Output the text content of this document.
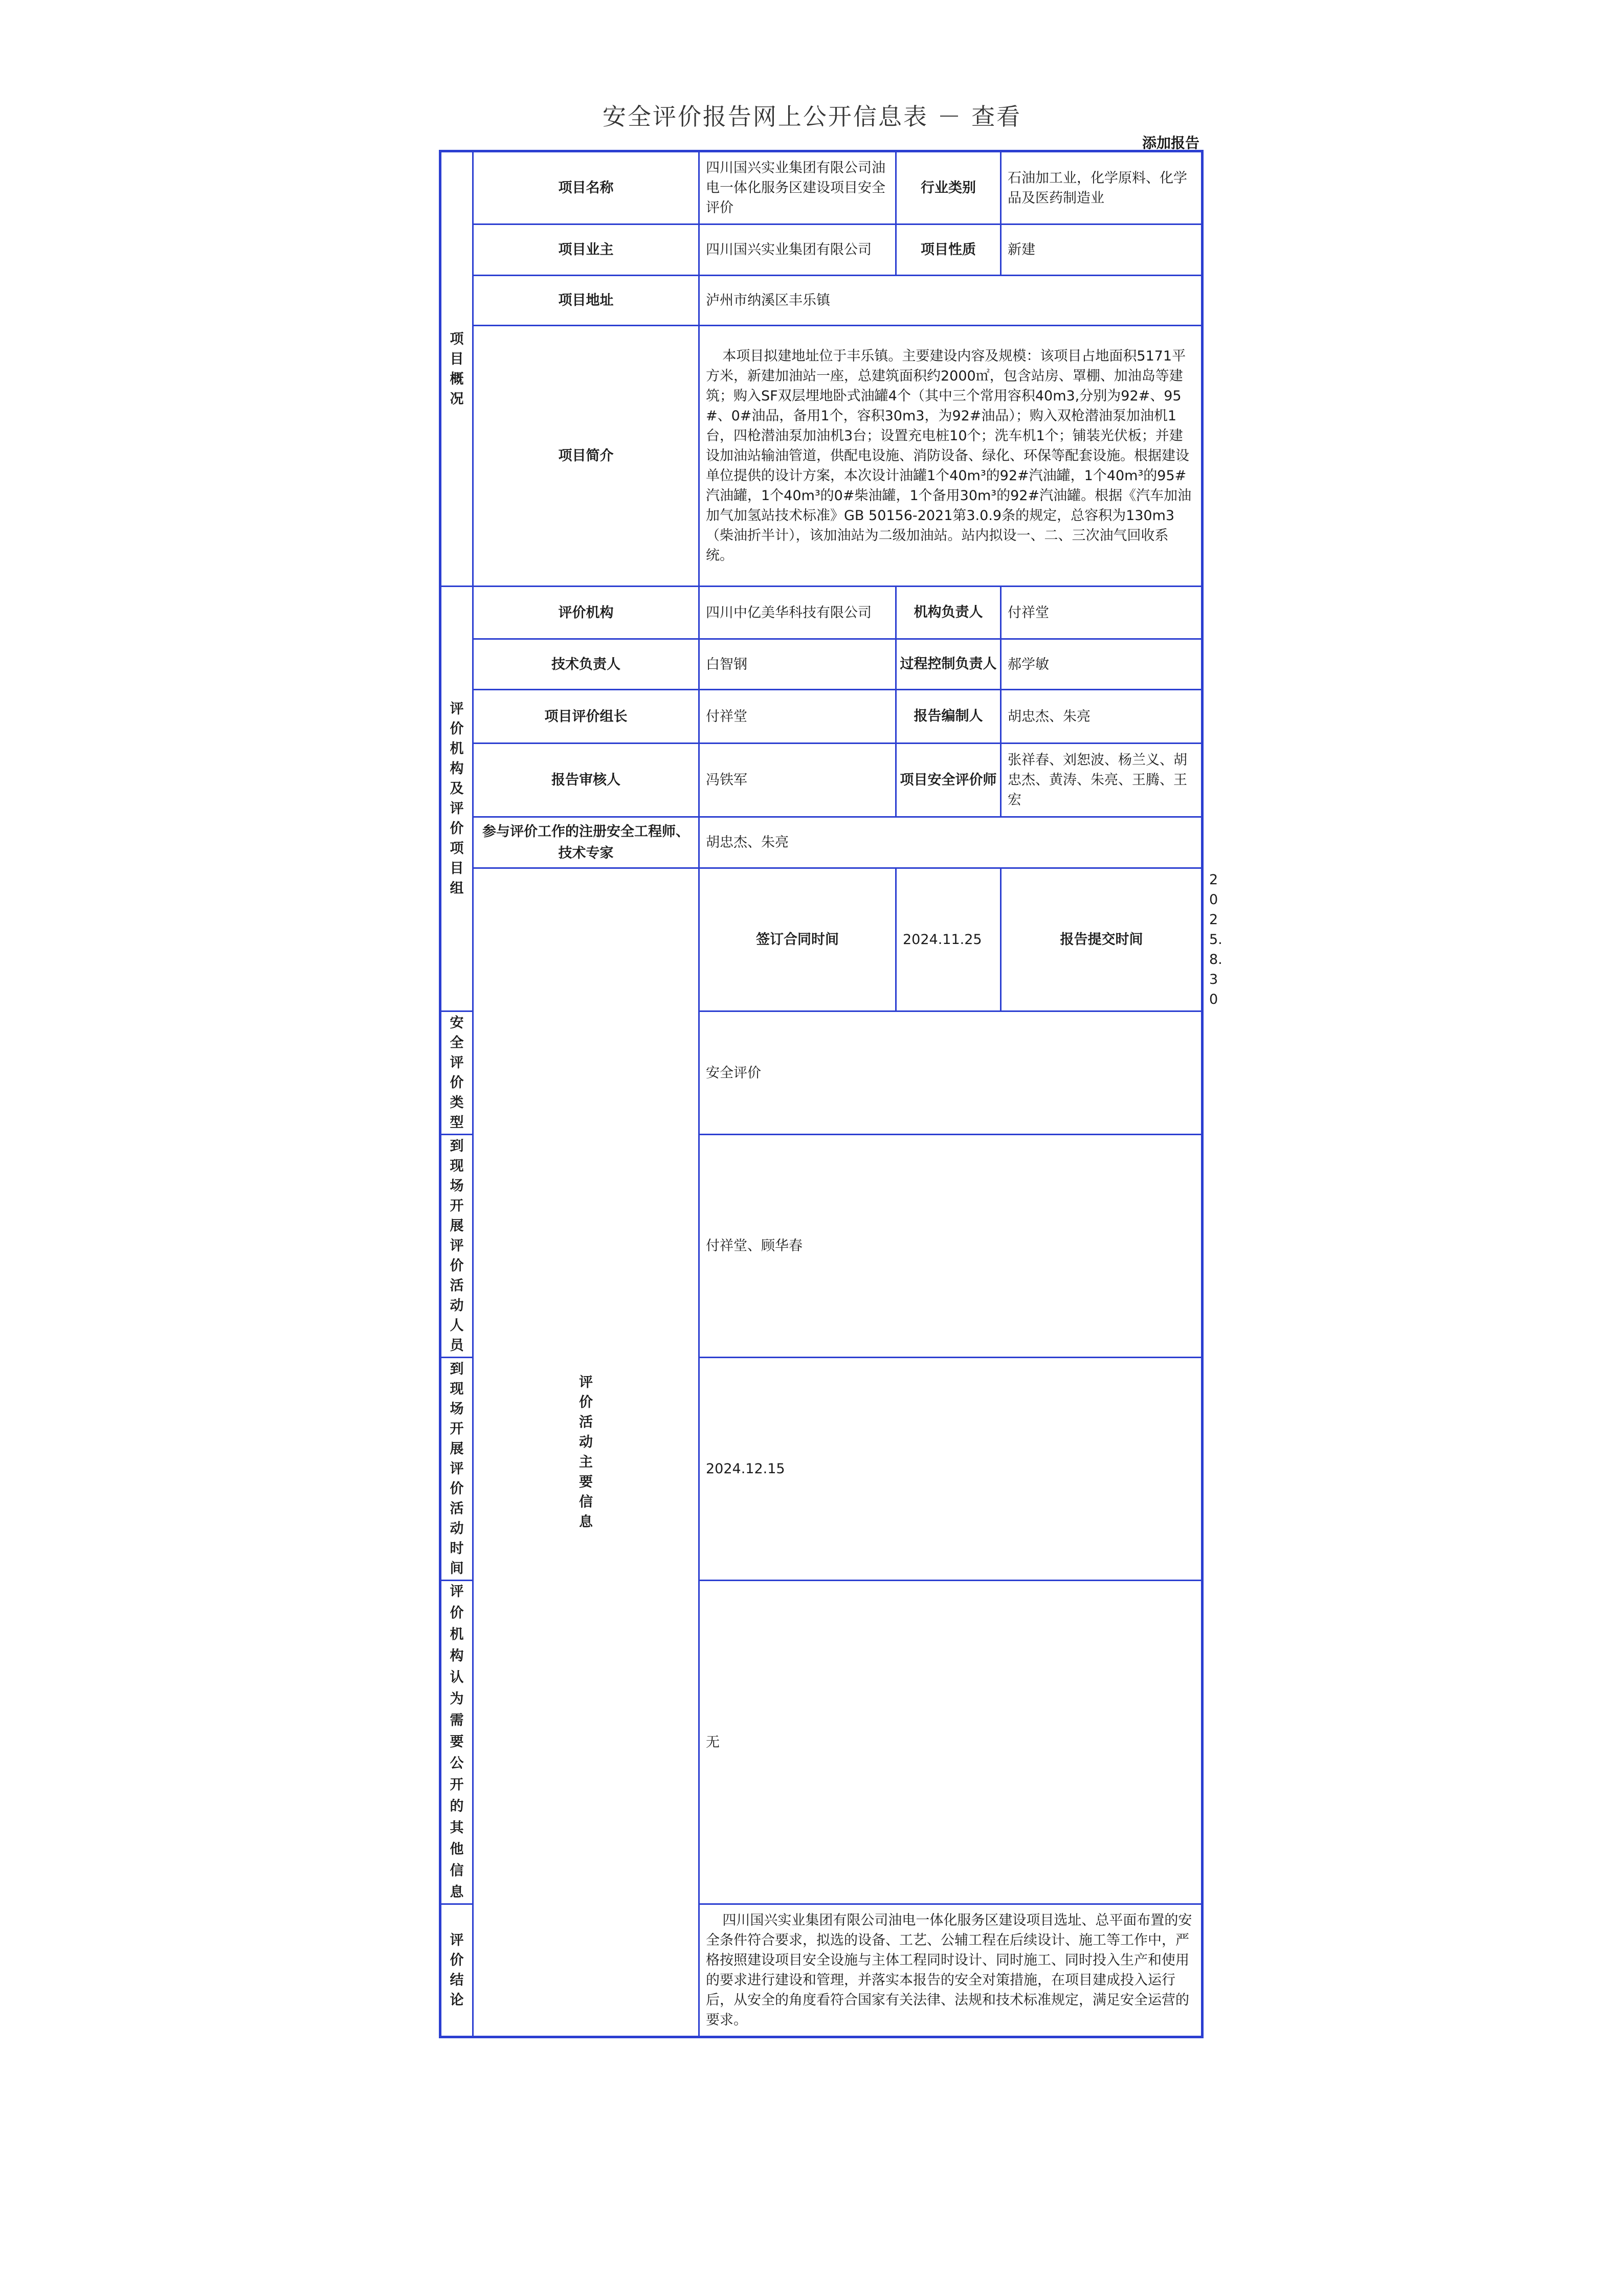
安全评价报告网上公开信息表 － 查看
添加报告
项目概况	项目名称	四川国兴实业集团有限公司油电一体化服务区建设项目安全评价	行业类别	石油加工业，化学原料、化学品及医药制造业	
	项目业主	四川国兴实业集团有限公司	项目性质	新建	
	项目地址	泸州市纳溪区丰乐镇			
	项目简介	本项目拟建地址位于丰乐镇。主要建设内容及规模：该项目占地面积5171平方米，新建加油站一座，总建筑面积约2000㎡，包含站房、罩棚、加油岛等建筑；购入SF双层埋地卧式油罐4个（其中三个常用容积40m3,分别为92#、95#、0#油品，备用1个，容积30m3，为92#油品）；购入双枪潜油泵加油机1台，四枪潜油泵加油机3台；设置充电桩10个；洗车机1个；铺装光伏板；并建设加油站输油管道，供配电设施、消防设备、绿化、环保等配套设施。根据建设单位提供的设计方案，本次设计油罐1个40m³的92#汽油罐，1个40m³的95#汽油罐，1个40m³的0#柴油罐，1个备用30m³的92#汽油罐。根据《汽车加油加气加氢站技术标准》GB 50156-2021第3.0.9条的规定，总容积为130m3（柴油折半计），该加油站为二级加油站。站内拟设一、二、三次油气回收系统。			
评价机构及评价项目组	评价机构	四川中亿美华科技有限公司	机构负责人	付祥堂	
	技术负责人	白智钢	过程控制负责人	郝学敏	
	项目评价组长	付祥堂	报告编制人	胡忠杰、朱亮	
	报告审核人	冯铁军	项目安全评价师	张祥春、刘恕波、杨兰义、胡忠杰、黄涛、朱亮、王腾、王宏	
	参与评价工作的注册安全工程师、技术专家	胡忠杰、朱亮			
	评价活动主要信息	签订合同时间	2024.11.25	报告提交时间	2025.8.30
安全评价类型		安全评价			
到现场开展评价活动人员		付祥堂、顾华春			
到现场开展评价活动时间		2024.12.15			
评价机构认为需要公开的其他信息		无			
评价结论		四川国兴实业集团有限公司油电一体化服务区建设项目选址、总平面布置的安全条件符合要求，拟选的设备、工艺、公辅工程在后续设计、施工等工作中，严格按照建设项目安全设施与主体工程同时设计、同时施工、同时投入生产和使用的要求进行建设和管理，并落实本报告的安全对策措施，在项目建成投入运行后，从安全的角度看符合国家有关法律、法规和技术标准规定，满足安全运营的要求。			
